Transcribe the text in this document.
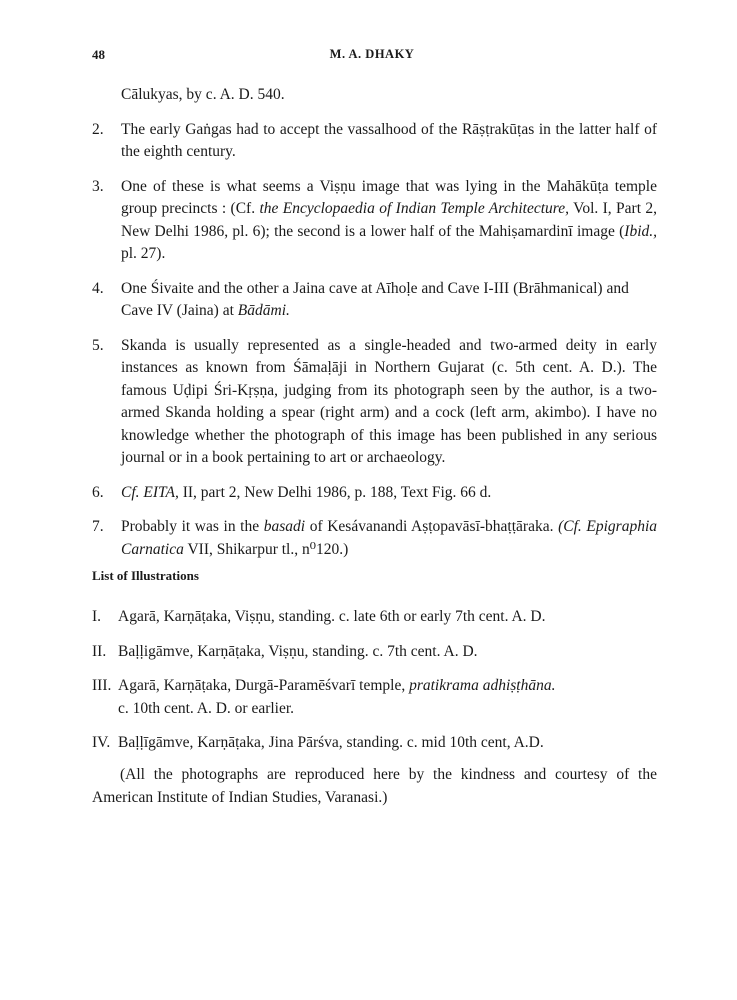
48	M. A. DHAKY
Cālukyas, by c. A. D. 540.
2.	The early Gaṅgas had to accept the vassalhood of the Rāṣṭrakūṭas in the latter half of the eighth century.
3.	One of these is what seems a Viṣṇu image that was lying in the Mahākūṭa temple group precincts : (Cf. the Encyclopaedia of Indian Temple Architecture, Vol. I, Part 2, New Delhi 1986, pl. 6); the second is a lower half of the Mahiṣamardinī image (Ibid., pl. 27).
4.	One Śivaite and the other a Jaina cave at Aīhoḷe and Cave I-III (Brāhmanical) and Cave IV (Jaina) at Bādāmi.
5.	Skanda is usually represented as a single-headed and two-armed deity in early instances as known from Śāmaḷāji in Northern Gujarat (c. 5th cent. A. D.). The famous Uḍipi Śri-Kṛṣṇa, judging from its photograph seen by the author, is a two-armed Skanda holding a spear (right arm) and a cock (left arm, akimbo). I have no knowledge whether the photograph of this image has been published in any serious journal or in a book pertaining to art or archaeology.
6.	Cf. EITA, II, part 2, New Delhi 1986, p. 188, Text Fig. 66 d.
7.	Probably it was in the basadi of Kesávanandi Aṣṭopavāsī-bhaṭṭāraka. (Cf. Epigraphia Carnatica VII, Shikarpur tl., n⁰120.)
List of Illustrations
I.	Agarā, Karṇāṭaka, Viṣṇu, standing. c. late 6th or early 7th cent. A. D.
II. Baḷḷigāmve, Karṇāṭaka, Viṣṇu, standing. c. 7th cent. A. D.
III. Agarā, Karṇāṭaka, Durgā-Paramēśvarī temple, pratikrama adhiṣṭhāna.
c. 10th cent. A. D. or earlier.
IV. Baḷḷīgāmve, Karṇāṭaka, Jina Pārśva, standing. c. mid 10th cent, A.D.
(All the photographs are reproduced here by the kindness and courtesy of the American Institute of Indian Studies, Varanasi.)
